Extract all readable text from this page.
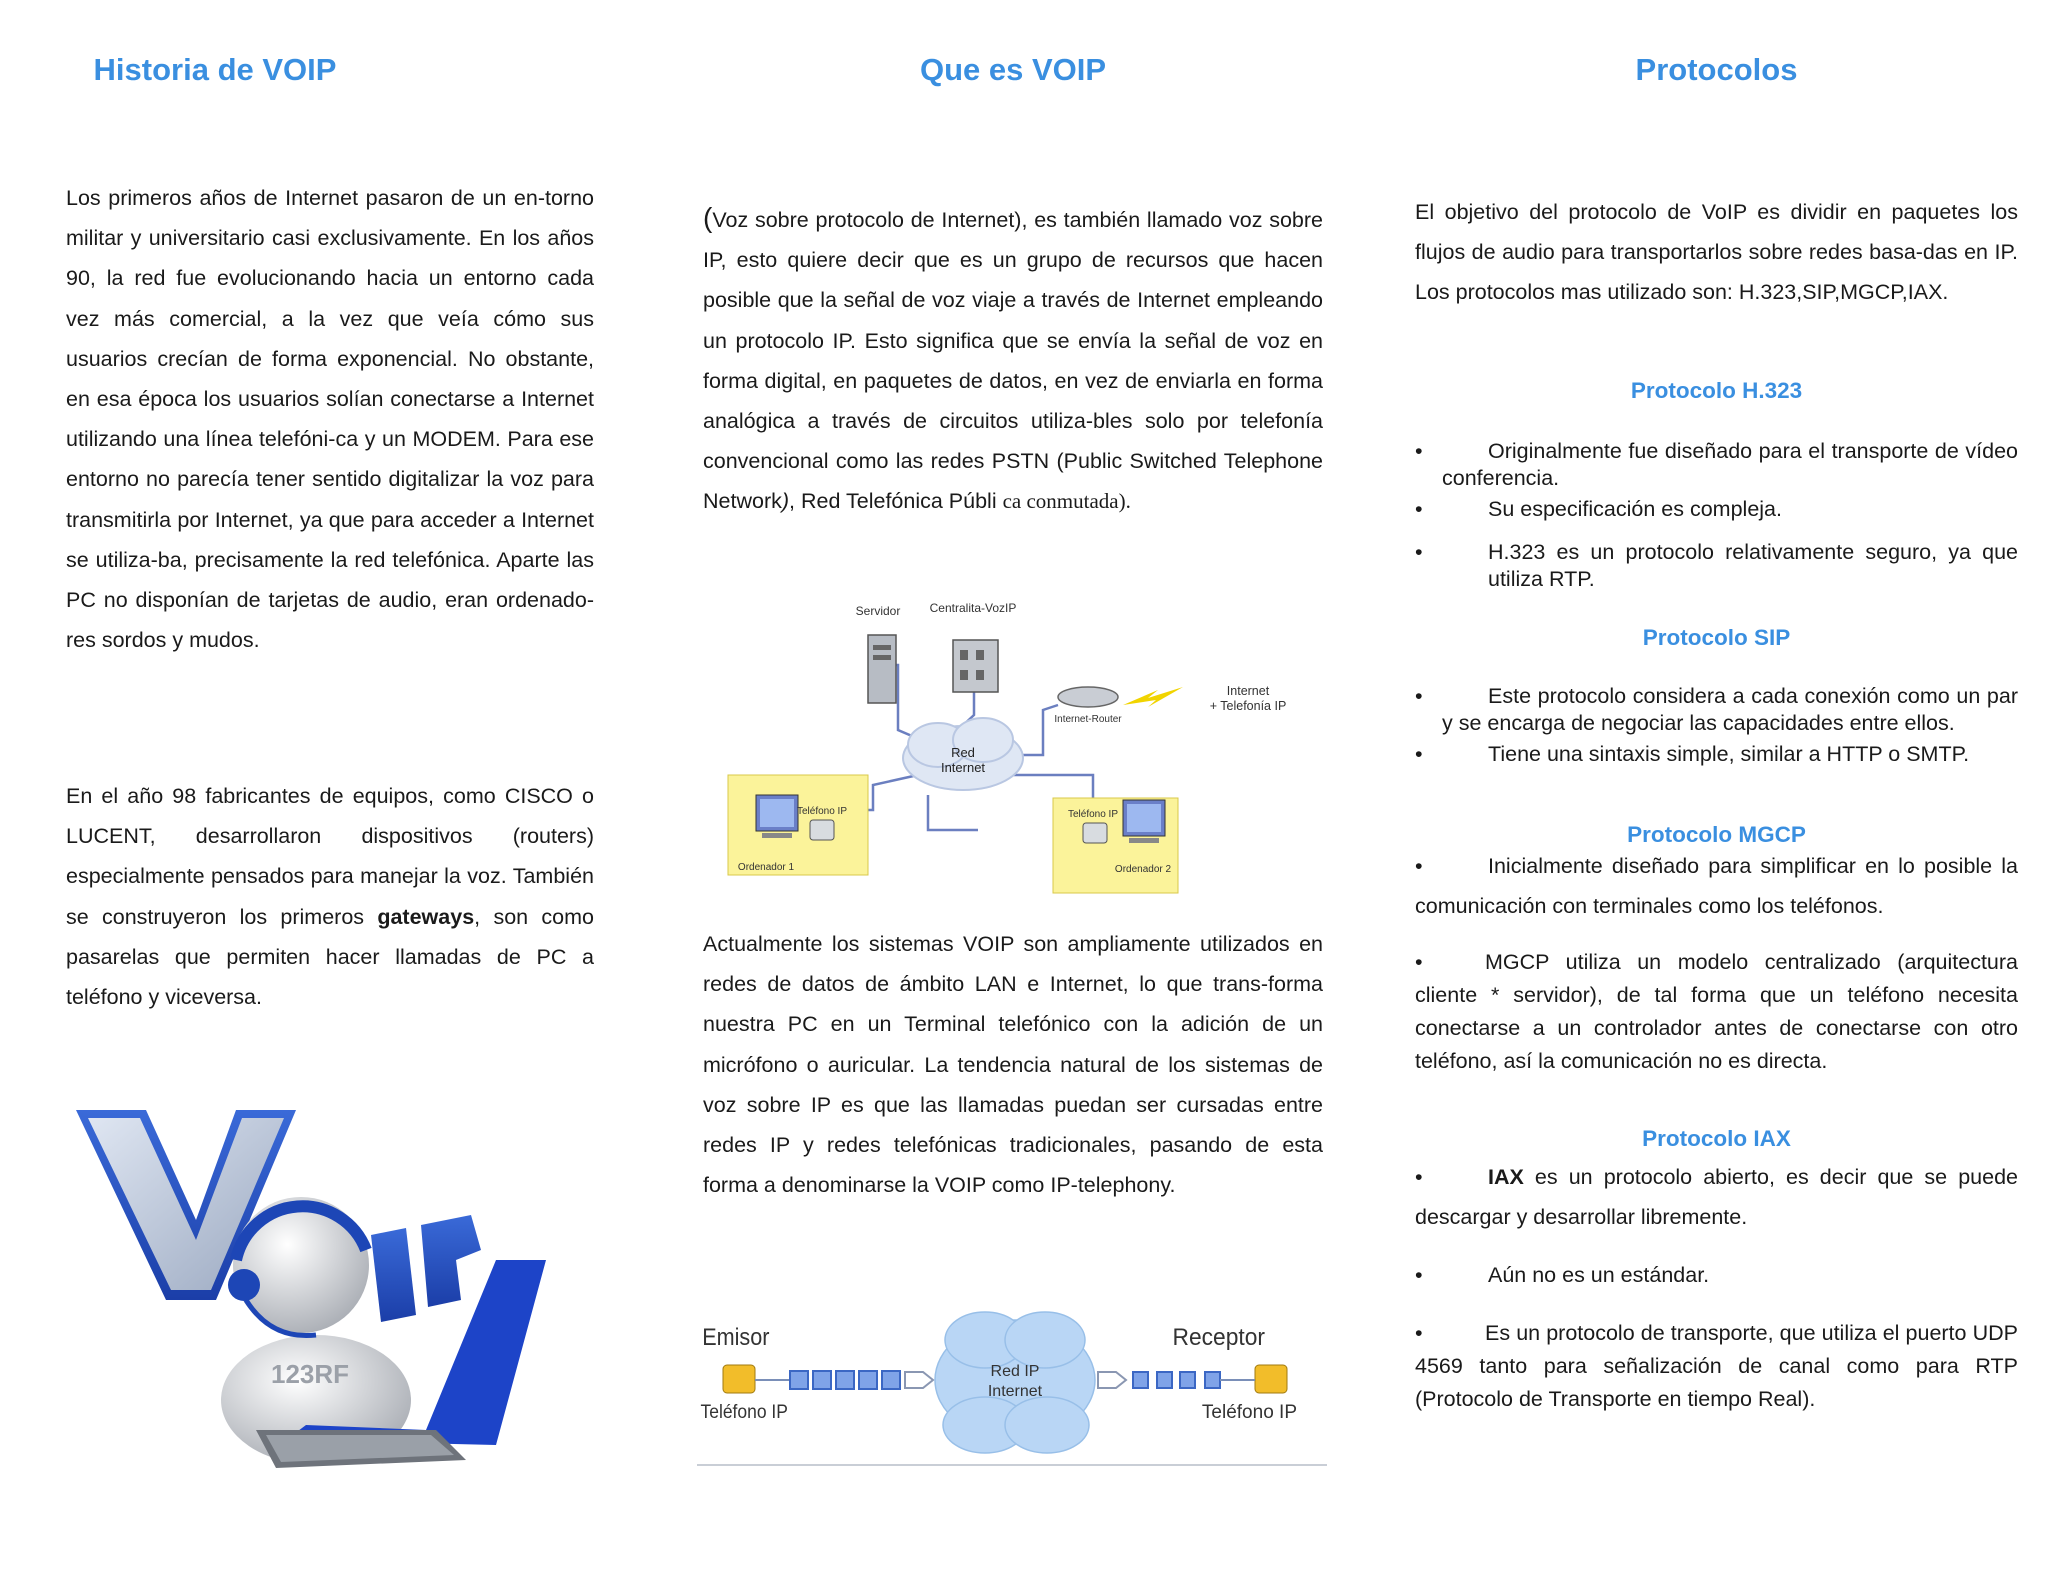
Historia de VOIP

Los primeros años de Internet pasaron de un en-torno militar y universitario casi exclusivamente. En los años 90, la red fue evolucionando hacia un entorno cada vez más comercial, a la vez que veía cómo sus usuarios crecían de forma exponencial. No obstante, en esa época los usuarios solían conectarse a Internet utilizando una línea telefóni-ca y un MODEM. Para ese entorno no parecía tener sentido digitalizar la voz para transmitirla por Internet, ya que para acceder a Internet se utiliza-ba, precisamente la red telefónica. Aparte las PC no disponían de tarjetas de audio, eran ordenado-res sordos y mudos.

En el año 98 fabricantes de equipos, como CISCO o LUCENT, desarrollaron dispositivos (routers) especialmente pensados para manejar la voz. También se construyeron los primeros gateways, son como pasarelas que permiten hacer llamadas de PC a teléfono y viceversa.

123RF
Que es VOIP

(Voz sobre protocolo de Internet), es también llamado voz sobre IP, esto quiere decir que es un grupo de recursos que hacen posible que la señal de voz viaje a través de Internet empleando un protocolo IP. Esto significa que se envía la señal de voz en forma digital, en paquetes de datos, en vez de enviarla en forma analógica a través de circuitos utiliza-bles solo por telefonía convencional como las redes PSTN (Public Switched Telephone Network), Red Telefónica Públi ca conmutada).

Red
Internet
Servidor Centralita-VozIP
Internet-Router
Internet
+ Telefonía IP
Teléfono IP
Ordenador 1
Teléfono IP
Ordenador 2

Actualmente los sistemas VOIP son ampliamente utilizados en redes de datos de ámbito LAN e Internet, lo que trans-forma nuestra PC en un Terminal telefónico con la adición de un micrófono o auricular. La tendencia natural de los sistemas de voz sobre IP es que las llamadas puedan ser cursadas entre redes IP y redes telefónicas tradicionales, pasando de esta forma a denominarse la VOIP como IP-telephony.

Emisor	Receptor
Teléfono IP	Teléfono IP
Red IP
Internet
Protocolos

El objetivo del protocolo de VoIP es dividir en paquetes los flujos de audio para transportarlos sobre redes basa-das en IP. Los protocolos mas utilizado son: H.323,SIP,MGCP,IAX.

Protocolo H.323

•	Originalmente fue diseñado para el transporte de vídeo conferencia.
•	Su especificación es compleja.
•	H.323 es un protocolo relativamente seguro, ya que utiliza RTP.

Protocolo SIP

•	Este protocolo considera a cada conexión como un par y se encarga de negociar las capacidades entre ellos.
•	Tiene una sintaxis simple, similar a HTTP o SMTP.

Protocolo MGCP

•	Inicialmente diseñado para simplificar en lo posible la comunicación con terminales como los teléfonos.
•	MGCP utiliza un modelo centralizado (arquitectura cliente * servidor), de tal forma que un teléfono necesita conectarse a un controlador antes de conectarse con otro teléfono, así la comunicación no es directa.

Protocolo IAX

•	IAX es un protocolo abierto, es decir que se puede descargar y desarrollar libremente.
•	Aún no es un estándar.
•	Es un protocolo de transporte, que utiliza el puerto UDP 4569 tanto para señalización de canal como para RTP (Protocolo de Transporte en tiempo Real).
